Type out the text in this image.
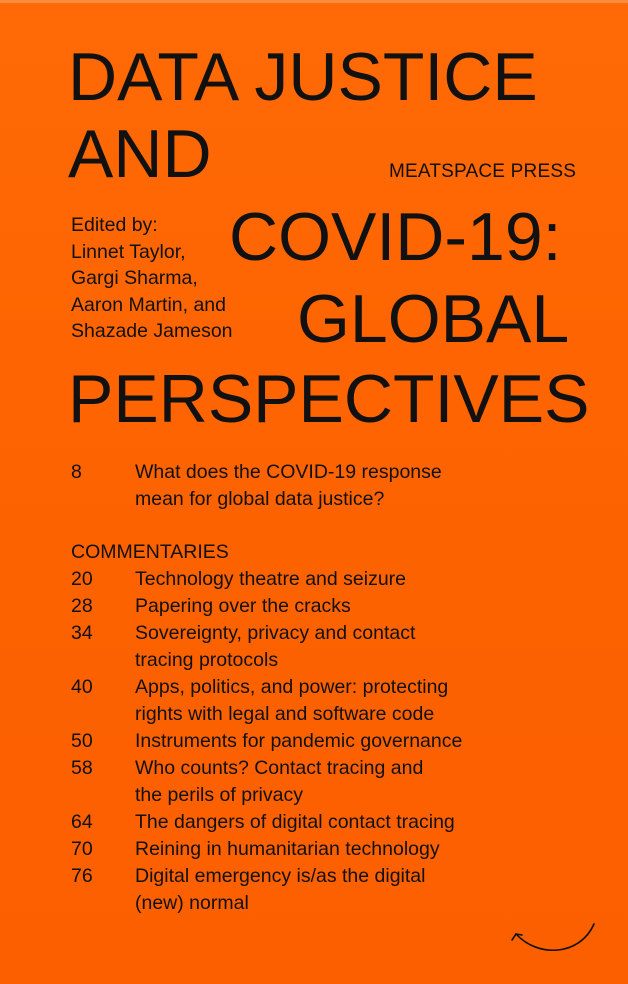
DATA JUSTICE
AND
COVID-19:
GLOBAL
PERSPECTIVES
MEATSPACE PRESS
Edited by:
Linnet Taylor,
Gargi Sharma,
Aaron Martin, and
Shazade Jameson
8	What does the COVID-19 response
mean for global data justice?
COMMENTARIES
20	Technology theatre and seizure
28	Papering over the cracks
34	Sovereignty, privacy and contact
tracing protocols
40	Apps, politics, and power: protecting
rights with legal and software code
50	Instruments for pandemic governance
58	Who counts? Contact tracing and
the perils of privacy
64	The dangers of digital contact tracing
70	Reining in humanitarian technology
76	Digital emergency is/as the digital
(new) normal
